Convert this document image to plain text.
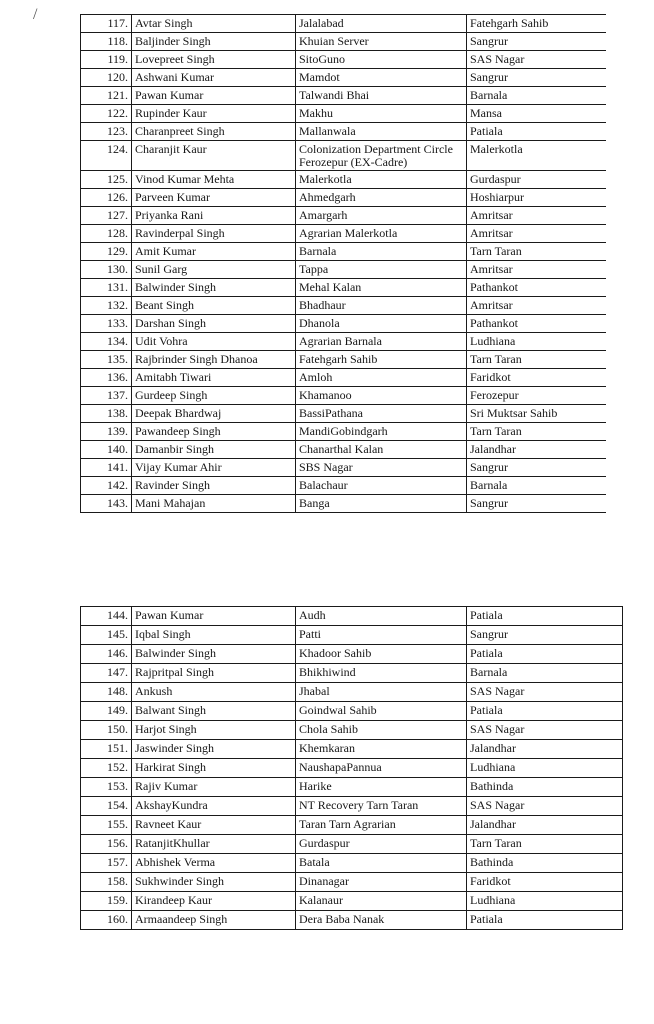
/	117.	Avtar Singh	Jalalabad	Fatehgarh Sahib
118.	Baljinder Singh	Khuian Server	Sangrur
119.	Lovepreet Singh	SitoGuno	SAS Nagar
120.	Ashwani Kumar	Mamdot	Sangrur
121.	Pawan Kumar	Talwandi Bhai	Barnala
122.	Rupinder Kaur	Makhu	Mansa
123.	Charanpreet Singh	Mallanwala	Patiala
124.	Charanjit Kaur	Colonization Department Circle Ferozepur (EX-Cadre)	Malerkotla
125.	Vinod Kumar Mehta	Malerkotla	Gurdaspur
126.	Parveen Kumar	Ahmedgarh	Hoshiarpur
127.	Priyanka Rani	Amargarh	Amritsar
128.	Ravinderpal Singh	Agrarian Malerkotla	Amritsar
129.	Amit Kumar	Barnala	Tarn Taran
130.	Sunil Garg	Tappa	Amritsar
131.	Balwinder Singh	Mehal Kalan	Pathankot
132.	Beant Singh	Bhadhaur	Amritsar
133.	Darshan Singh	Dhanola	Pathankot
134.	Udit Vohra	Agrarian Barnala	Ludhiana
135.	Rajbrinder Singh Dhanoa	Fatehgarh Sahib	Tarn Taran
136.	Amitabh Tiwari	Amloh	Faridkot
137.	Gurdeep Singh	Khamanoo	Ferozepur
138.	Deepak Bhardwaj	BassiPathana	Sri Muktsar Sahib
139.	Pawandeep Singh	MandiGobindgarh	Tarn Taran
140.	Damanbir Singh	Chanarthal Kalan	Jalandhar
141.	Vijay Kumar Ahir	SBS Nagar	Sangrur
142.	Ravinder Singh	Balachaur	Barnala
143.	Mani Mahajan	Banga	Sangrur
144.	Pawan Kumar	Audh	Patiala
145.	Iqbal Singh	Patti	Sangrur
146.	Balwinder Singh	Khadoor Sahib	Patiala
147.	Rajpritpal Singh	Bhikhiwind	Barnala
148.	Ankush	Jhabal	SAS Nagar
149.	Balwant Singh	Goindwal Sahib	Patiala
150.	Harjot Singh	Chola Sahib	SAS Nagar
151.	Jaswinder Singh	Khemkaran	Jalandhar
152.	Harkirat Singh	NaushараPannua	Ludhiana
153.	Rajiv Kumar	Harike	Bathinda
154.	AkshayKundra	NT Recovery Tarn Taran	SAS Nagar
155.	Ravneet Kaur	Taran Tarn Agrarian	Jalandhar
156.	RatanjitKhullar	Gurdaspur	Tarn Taran
157.	Abhishek Verma	Batala	Bathinda
158.	Sukhwinder Singh	Dinanagar	Faridkot
159.	Kirandeep Kaur	Kalanaur	Ludhiana
160.	Armaandeep Singh	Dera Baba Nanak	Patiala
